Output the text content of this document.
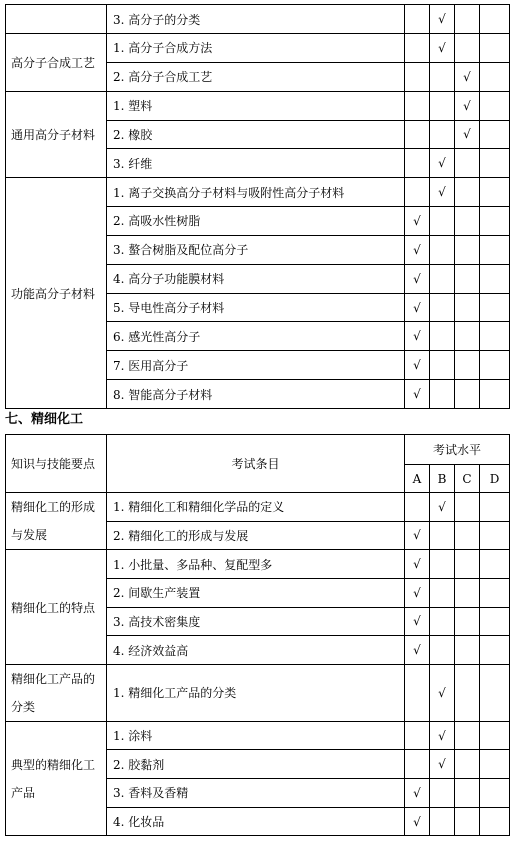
	3. 高分子的分类		√		
高分子合成工艺	1. 高分子合成方法		√		
	2. 高分子合成工艺			√	
通用高分子材料	1. 塑料			√	
	2. 橡胶			√	
	3. 纤维		√		
功能高分子材料	1. 离子交换高分子材料与吸附性高分子材料		√		
	2. 高吸水性树脂	√			
	3. 螯合树脂及配位高分子	√			
	4. 高分子功能膜材料	√			
	5. 导电性高分子材料	√			
	6. 感光性高分子	√			
	7. 医用高分子	√			
	8. 智能高分子材料	√			
七、精细化工
知识与技能要点	考试条目	考试水平			
		A	B	C	D
精细化工的形成与发展	1. 精细化工和精细化学品的定义		√		
	2. 精细化工的形成与发展	√			
精细化工的特点	1. 小批量、多品种、复配型多	√			
	2. 间歇生产装置	√			
	3. 高技术密集度	√			
	4. 经济效益高	√			
精细化工产品的分类	1. 精细化工产品的分类		√		
典型的精细化工产品	1. 涂料		√		
	2. 胶黏剂		√		
	3. 香料及香精	√			
	4. 化妆品	√			
